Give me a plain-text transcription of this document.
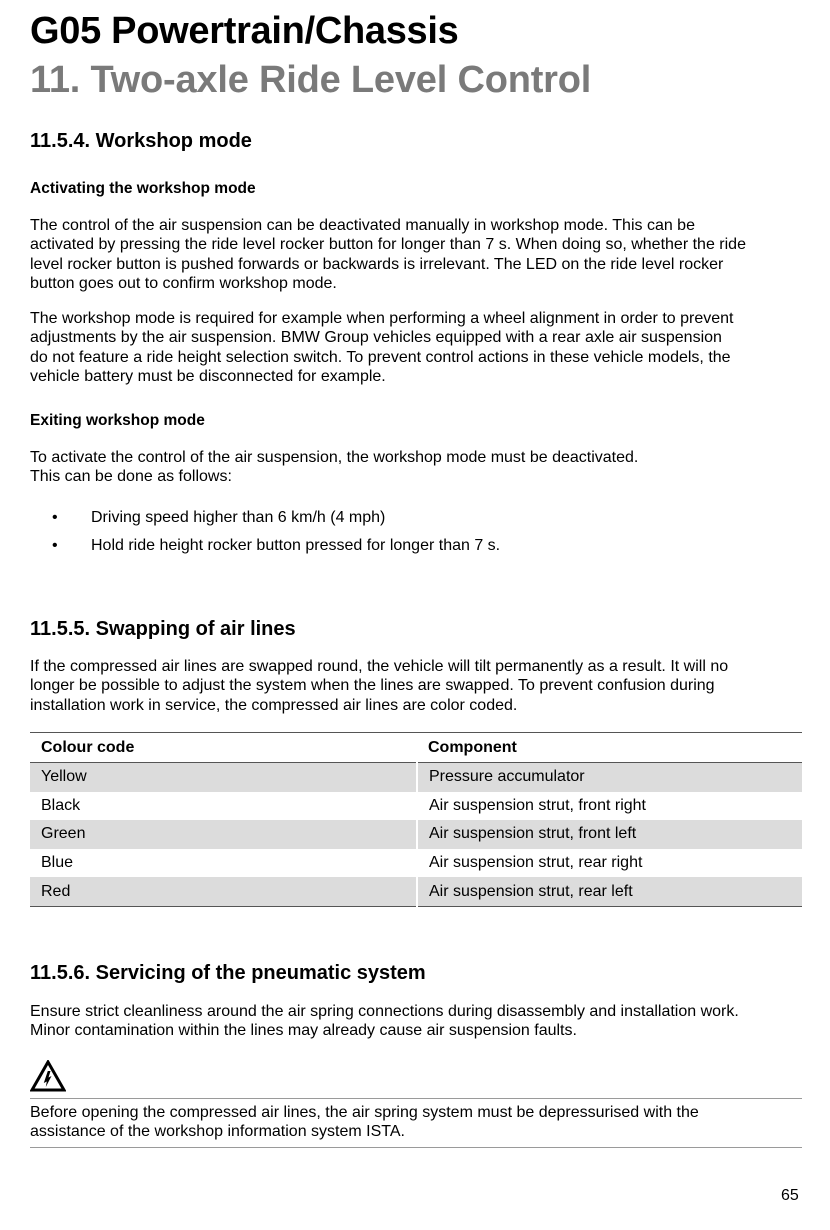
G05 Powertrain/Chassis
11. Two-axle Ride Level Control
11.5.4. Workshop mode
Activating the workshop mode

The control of the air suspension can be deactivated manually in workshop mode. This can be

activated by pressing the ride level rocker button for longer than 7 s. When doing so, whether the ride

level rocker button is pushed forwards or backwards is irrelevant. The LED on the ride level rocker

button goes out to confirm workshop mode.

The workshop mode is required for example when performing a wheel alignment in order to prevent

adjustments by the air suspension. BMW Group vehicles equipped with a rear axle air suspension

do not feature a ride height selection switch. To prevent control actions in these vehicle models, the

vehicle battery must be disconnected for example.

Exiting workshop mode

To activate the control of the air suspension, the workshop mode must be deactivated.

This can be done as follows:

• Driving speed higher than 6 km/h (4 mph)
• Hold ride height rocker button pressed for longer than 7 s.
11.5.5. Swapping of air lines

If the compressed air lines are swapped round, the vehicle will tilt permanently as a result. It will no

longer be possible to adjust the system when the lines are swapped. To prevent confusion during

installation work in service, the compressed air lines are color coded.

Colour code	Component
Yellow	Pressure accumulator
Black	Air suspension strut, front right
Green	Air suspension strut, front left
Blue	Air suspension strut, rear right
Red	Air suspension strut, rear left
11.5.6. Servicing of the pneumatic system

Ensure strict cleanliness around the air spring connections during disassembly and installation work.

Minor contamination within the lines may already cause air suspension faults.

Before opening the compressed air lines, the air spring system must be depressurised with the

assistance of the workshop information system ISTA.

65
